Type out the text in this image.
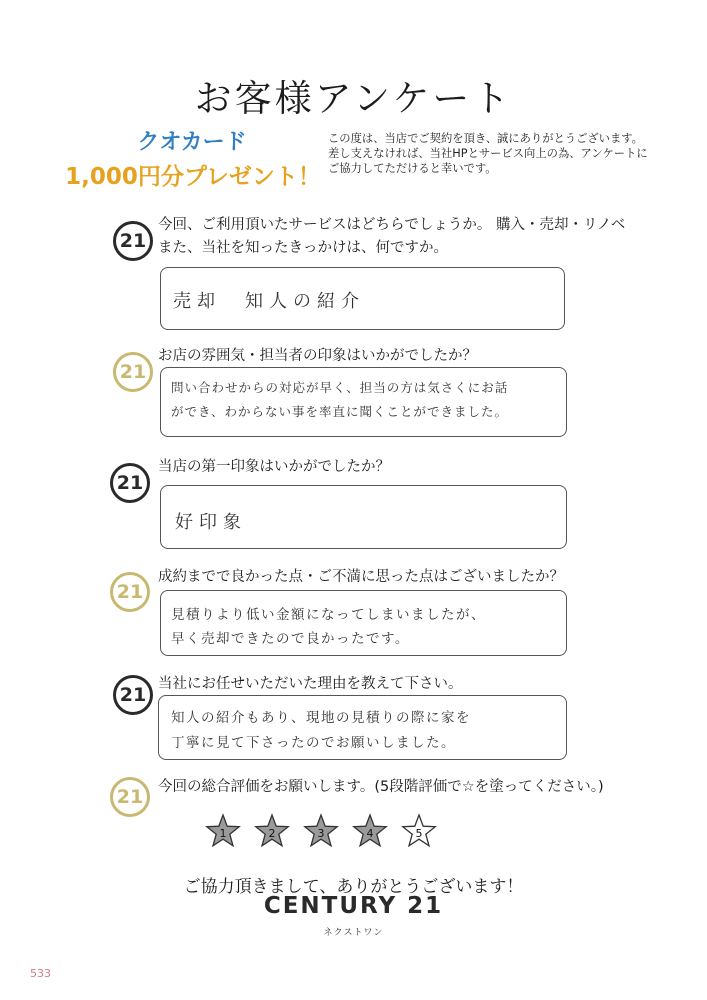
お客様アンケート
クオカード
1,000円分プレゼント！
この度は、当店でご契約を頂き、誠にありがとうございます。
差し支えなければ、当社HPとサービス向上の為、アンケートに
ご協力してただけると幸いです。
21
今回、ご利用頂いたサービスはどちらでしょうか。 購入・売却・リノベ
また、当社を知ったきっかけは、何ですか。
売却　知人の紹介
21
お店の雰囲気・担当者の印象はいかがでしたか？
問い合わせからの対応が早く、担当の方は気さくにお話
ができ、わからない事を率直に聞くことができました。
21
当店の第一印象はいかがでしたか？
好印象
21
成約までで良かった点・ご不満に思った点はございましたか？
見積りより低い金額になってしまいましたが、
早く売却できたので良かったです。
21 当社にお任せいただいた理由を教えて下さい。
知人の紹介もあり、現地の見積りの際に家を
丁寧に見て下さったのでお願いしました。
21	今回の総合評価をお願いします。(5段階評価で☆を塗ってください。)
1	2	3	4	5
ご協力頂きまして、ありがとうございます！
CENTURY 21
ネクストワン
533
